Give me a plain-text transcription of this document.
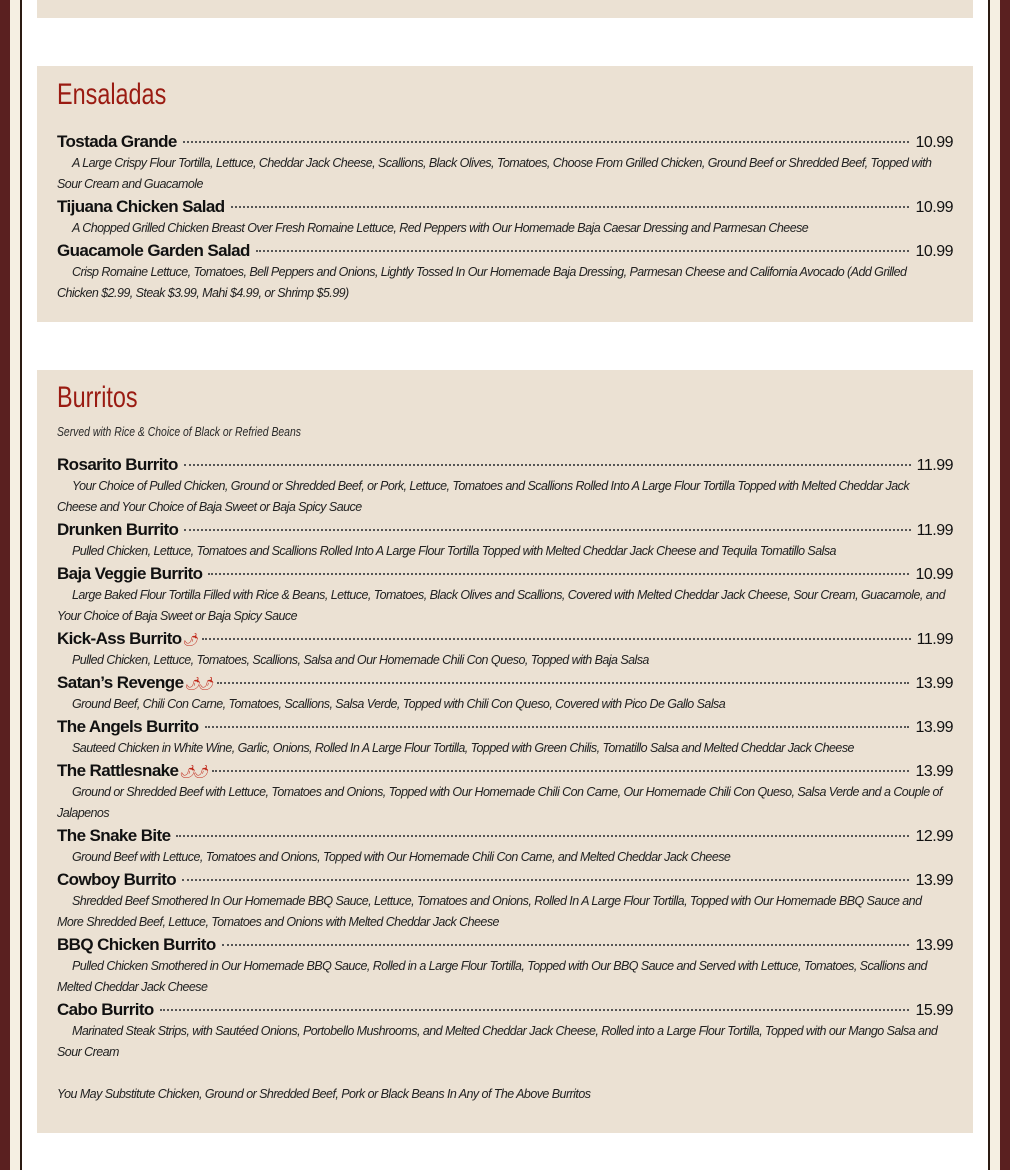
Ensaladas
Tostada Grande	10.99
A Large Crispy Flour Tortilla, Lettuce, Cheddar Jack Cheese, Scallions, Black Olives, Tomatoes, Choose From Grilled Chicken, Ground Beef or Shredded Beef, Topped with Sour Cream and Guacamole
Tijuana Chicken Salad	10.99
A Chopped Grilled Chicken Breast Over Fresh Romaine Lettuce, Red Peppers with Our Homemade Baja Caesar Dressing and Parmesan Cheese
Guacamole Garden Salad	10.99
Crisp Romaine Lettuce, Tomatoes, Bell Peppers and Onions, Lightly Tossed In Our Homemade Baja Dressing, Parmesan Cheese and California Avocado (Add Grilled Chicken $2.99, Steak $3.99, Mahi $4.99, or Shrimp $5.99)
Burritos
Served with Rice & Choice of Black or Refried Beans
Rosarito Burrito	11.99
Your Choice of Pulled Chicken, Ground or Shredded Beef, or Pork, Lettuce, Tomatoes and Scallions Rolled Into A Large Flour Tortilla Topped with Melted Cheddar Jack Cheese and Your Choice of Baja Sweet or Baja Spicy Sauce
Drunken Burrito	11.99
Pulled Chicken, Lettuce, Tomatoes and Scallions Rolled Into A Large Flour Tortilla Topped with Melted Cheddar Jack Cheese and Tequila Tomatillo Salsa
Baja Veggie Burrito	10.99
Large Baked Flour Tortilla Filled with Rice & Beans, Lettuce, Tomatoes, Black Olives and Scallions, Covered with Melted Cheddar Jack Cheese, Sour Cream, Guacamole, and Your Choice of Baja Sweet or Baja Spicy Sauce
Kick-Ass Burrito 🌶	11.99
Pulled Chicken, Lettuce, Tomatoes, Scallions, Salsa and Our Homemade Chili Con Queso, Topped with Baja Salsa
Satan’s Revenge 🌶🌶	13.99
Ground Beef, Chili Con Carne, Tomatoes, Scallions, Salsa Verde, Topped with Chili Con Queso, Covered with Pico De Gallo Salsa
The Angels Burrito	13.99
Sauteed Chicken in White Wine, Garlic, Onions, Rolled In A Large Flour Tortilla, Topped with Green Chilis, Tomatillo Salsa and Melted Cheddar Jack Cheese
The Rattlesnake 🌶🌶	13.99
Ground or Shredded Beef with Lettuce, Tomatoes and Onions, Topped with Our Homemade Chili Con Carne, Our Homemade Chili Con Queso, Salsa Verde and a Couple of Jalapenos
The Snake Bite	12.99
Ground Beef with Lettuce, Tomatoes and Onions, Topped with Our Homemade Chili Con Carne, and Melted Cheddar Jack Cheese
Cowboy Burrito	13.99
Shredded Beef Smothered In Our Homemade BBQ Sauce, Lettuce, Tomatoes and Onions, Rolled In A Large Flour Tortilla, Topped with Our Homemade BBQ Sauce and More Shredded Beef, Lettuce, Tomatoes and Onions with Melted Cheddar Jack Cheese
BBQ Chicken Burrito	13.99
Pulled Chicken Smothered in Our Homemade BBQ Sauce, Rolled in a Large Flour Tortilla, Topped with Our BBQ Sauce and Served with Lettuce, Tomatoes, Scallions and Melted Cheddar Jack Cheese
Cabo Burrito	15.99
Marinated Steak Strips, with Sautéed Onions, Portobello Mushrooms, and Melted Cheddar Jack Cheese, Rolled into a Large Flour Tortilla, Topped with our Mango Salsa and Sour Cream
You May Substitute Chicken, Ground or Shredded Beef, Pork or Black Beans In Any of The Above Burritos
